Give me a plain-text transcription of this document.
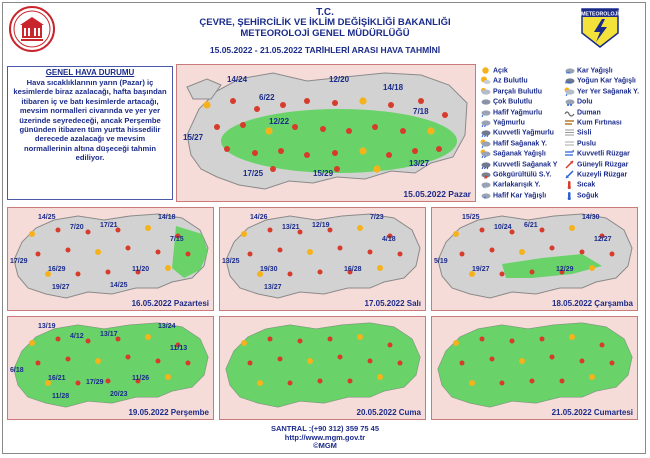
METEOROLOJİ
T.C.
ÇEVRE, ŞEHİRCİLİK VE İKLİM DEĞİŞİKLİĞİ BAKANLIĞI
METEOROLOJİ GENEL MÜDÜRLÜĞÜ
15.05.2022 - 21.05.2022 TARİHLERİ ARASI HAVA TAHMİNİ

GENEL HAVA DURUMU

Hava sıcaklıklarının yarın (Pazar) iç kesimlerde biraz azalacağı, hafta başından itibaren iç ve batı kesimlerde artacağı, mevsim normalleri civarında ve yer yer üzerinde seyredeceği, ancak Perşembe gününden itibaren tüm yurtta hissedilir derecede azalacağı ve mevsim normallerinin altına düşeceği tahmin ediliyor.

14/24	12/20
6/22
14/18
12/22
7/18
15/27
13/27
17/25	15/29
15.05.2022 Pazar
Açık
Az Bulutlu
Parçalı Bulutlu
Çok Bulutlu
Hafif Yağmurlu
Yağmurlu
Kuvvetli Yağmurlu
Hafif Sağanak Y.
Sağanak Yağışlı
Kuvvetli Sağanak Y
Gökgürültülü S.Y.
*, Karlakarışık Y.
*
Hafif Kar Yağışlı
**
Kar Yağışlı
***
Yoğun Kar Yağışlı
Yer Yer Sağanak Y.
Dolu
Duman
Kum Fırtınası
Sisli
Puslu
Kuvvetli Rüzgar
Güneyli Rüzgar
Kuzeyli Rüzgar
Sıcak
Soğuk
14/25
7/20 17/21
14/18
7/15
17/29
16/29	11/20
19/27	14/25
16.05.2022 Pazartesi
14/26
13/21 12/19
7/23
4/18
13/25
19/30	16/28
13/27
17.05.2022 Salı
15/25
10/24 6/21
14/30
12/27
5/19
19/27	12/29
18.05.2022 Çarşamba
13/19
4/12 13/17
13/24
11/13
6/18
16/21	11/26
11/28	20/23
17/29
19.05.2022 Perşembe	20.05.2022 Cuma	21.05.2022 Cumartesi
SANTRAL :(+90 312) 359 75 45
http://www.mgm.gov.tr
©MGM
